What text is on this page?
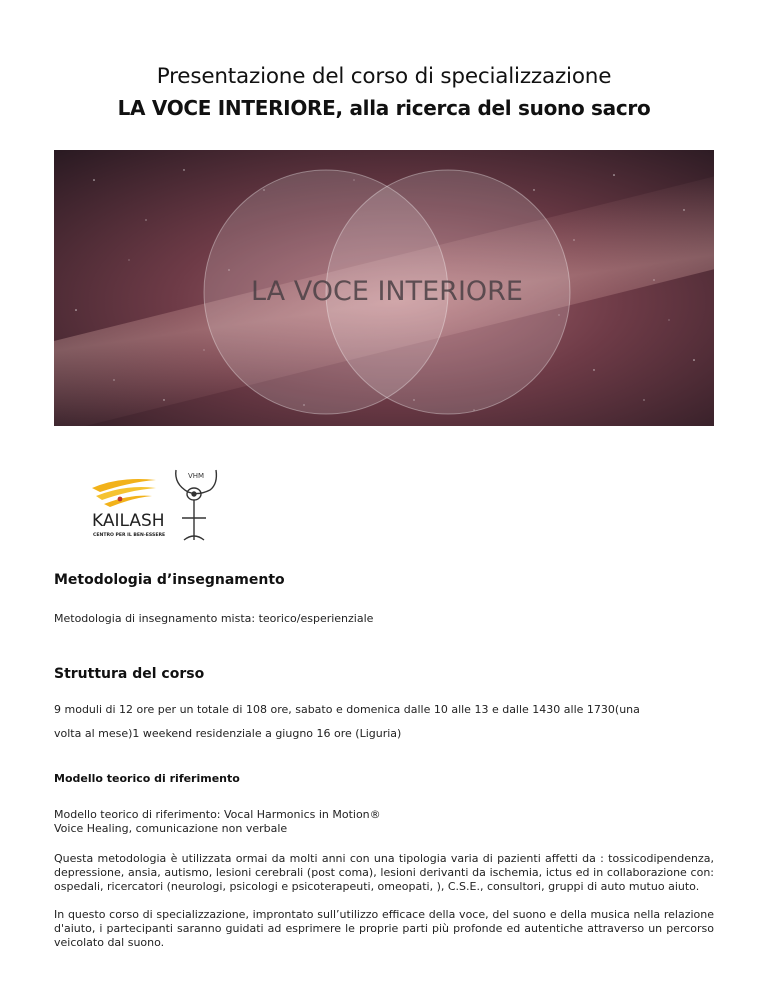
Presentazione del corso di specializzazione
LA VOCE INTERIORE, alla ricerca del suono sacro
LA VOCE INTERIORE
KAILASH
CENTRO PER IL BEN-ESSERE
VHM
Metodologia d’insegnamento
Metodologia di insegnamento mista: teorico/esperienziale
Struttura del corso
9 moduli di 12 ore per un totale di 108 ore, sabato e domenica dalle 10 alle 13 e dalle 1430 alle 1730(una
volta al mese)1 weekend residenziale a giugno 16 ore (Liguria)
Modello teorico di riferimento
Modello teorico di riferimento: Vocal Harmonics in Motion®
Voice Healing, comunicazione non verbale
Questa metodologia è utilizzata ormai da molti anni con una tipologia varia di pazienti affetti da : tossicodipendenza, depressione, ansia, autismo, lesioni cerebrali (post coma), lesioni derivanti da ischemia, ictus ed in collaborazione con: ospedali, ricercatori (neurologi, psicologi e psicoterapeuti, omeopati, ), C.S.E., consultori, gruppi di auto mutuo aiuto.
In questo corso di specializzazione, improntato sull’utilizzo efficace della voce, del suono e della musica nella relazione d'aiuto, i partecipanti saranno guidati ad esprimere le proprie parti più profonde ed autentiche attraverso un percorso veicolato dal suono.
